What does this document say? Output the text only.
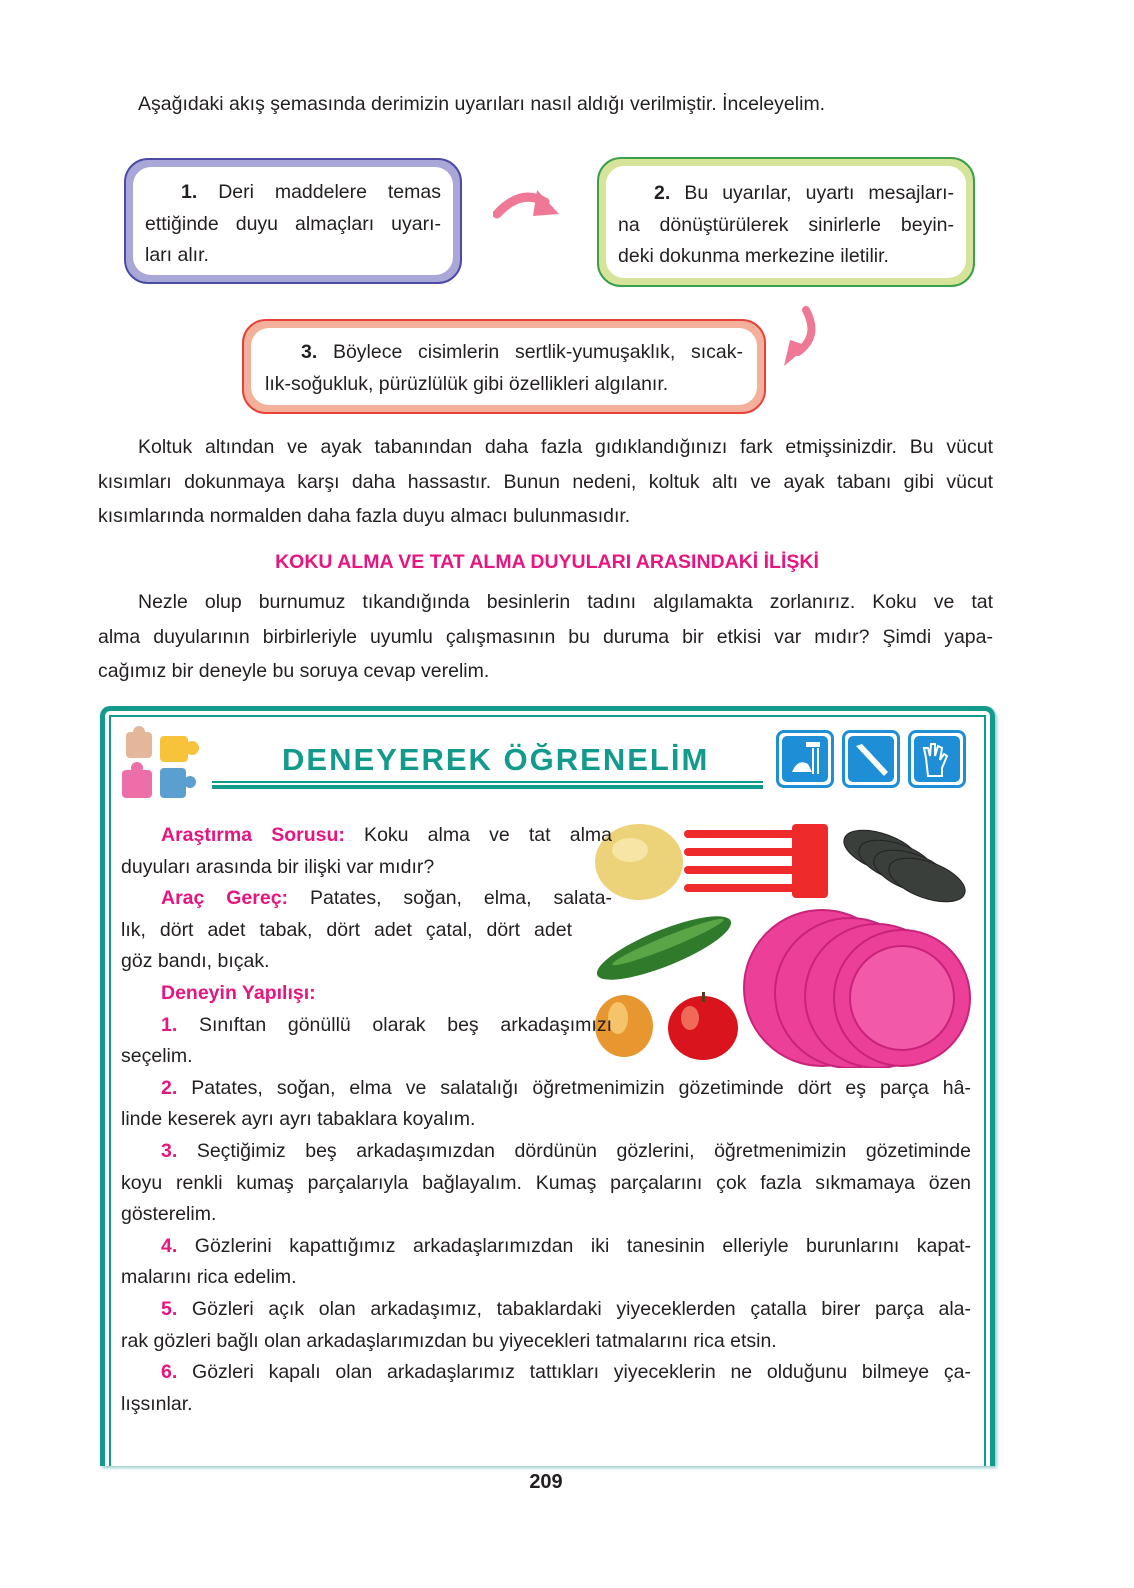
Aşağıdaki akış şemasında derimizin uyarıları nasıl aldığı verilmiştir. İnceleyelim.
1. Deri maddelere temas
ettiğinde duyu almaçları uyarı-
ları alır.
2. Bu uyarılar, uyartı mesajları-
na dönüştürülerek sinirlerle beyin-
deki dokunma merkezine iletilir.
3. Böylece cisimlerin sertlik-yumuşaklık, sıcak-
lık-soğukluk, pürüzlülük gibi özellikleri algılanır.
Koltuk altından ve ayak tabanından daha fazla gıdıklandığınızı fark etmişsinizdir. Bu vücut
kısımları dokunmaya karşı daha hassastır. Bunun nedeni, koltuk altı ve ayak tabanı gibi vücut
kısımlarında normalden daha fazla duyu almacı bulunmasıdır.
KOKU ALMA VE TAT ALMA DUYULARI ARASINDAKİ İLİŞKİ
Nezle olup burnumuz tıkandığında besinlerin tadını algılamakta zorlanırız. Koku ve tat
alma duyularının birbirleriyle uyumlu çalışmasının bu duruma bir etkisi var mıdır? Şimdi yapa-
cağımız bir deneyle bu soruya cevap verelim.
DENEYEREK ÖĞRENELİM
Araştırma Sorusu: Koku alma ve tat alma
duyuları arasında bir ilişki var mıdır?
Araç Gereç: Patates, soğan, elma, salata-
lık, dört adet tabak, dört adet çatal, dört adet
göz bandı, bıçak.
Deneyin Yapılışı:
1. Sınıftan gönüllü olarak beş arkadaşımızı
seçelim.
2. Patates, soğan, elma ve salatalığı öğretmenimizin gözetiminde dört eş parça hâ-
linde keserek ayrı ayrı tabaklara koyalım.
3. Seçtiğimiz beş arkadaşımızdan dördünün gözlerini, öğretmenimizin gözetiminde
koyu renkli kumaş parçalarıyla bağlayalım. Kumaş parçalarını çok fazla sıkmamaya özen
gösterelim.
4. Gözlerini kapattığımız arkadaşlarımızdan iki tanesinin elleriyle burunlarını kapat-
malarını rica edelim.
5. Gözleri açık olan arkadaşımız, tabaklardaki yiyeceklerden çatalla birer parça ala-
rak gözleri bağlı olan arkadaşlarımızdan bu yiyecekleri tatmalarını rica etsin.
6. Gözleri kapalı olan arkadaşlarımız tattıkları yiyeceklerin ne olduğunu bilmeye ça-
lışsınlar.
209
